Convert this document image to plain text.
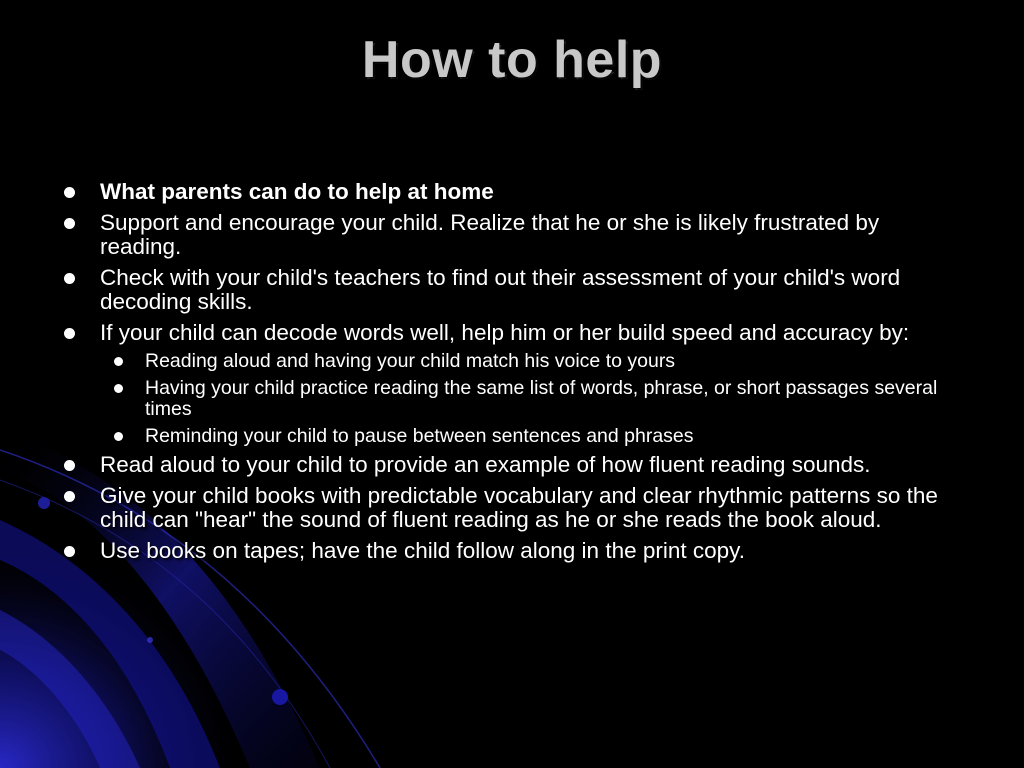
How to help
What parents can do to help at home
Support and encourage your child. Realize that he or she is likely frustrated by reading.
Check with your child's teachers to find out their assessment of your child's word decoding skills.
If your child can decode words well, help him or her build speed and accuracy by:
Reading aloud and having your child match his voice to yours
Having your child practice reading the same list of words, phrase, or short passages several times
Reminding your child to pause between sentences and phrases
Read aloud to your child to provide an example of how fluent reading sounds.
Give your child books with predictable vocabulary and clear rhythmic patterns so the child can "hear" the sound of fluent reading as he or she reads the book aloud.
Use books on tapes; have the child follow along in the print copy.
